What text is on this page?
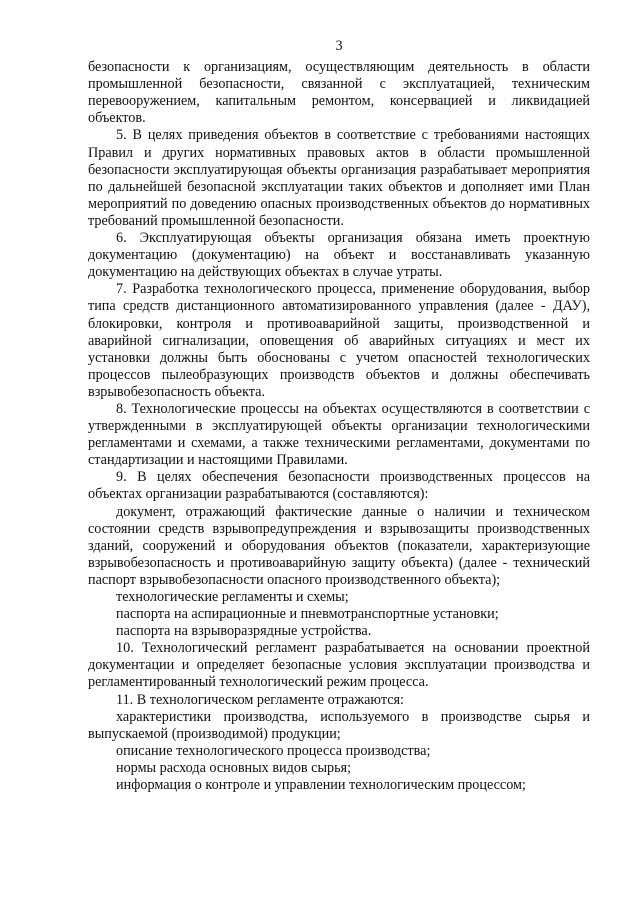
3

безопасности к организациям, осуществляющим деятельность в области промышленной безопасности, связанной с эксплуатацией, техническим перевооружением, капитальным ремонтом, консервацией и ликвидацией объектов.

5. В целях приведения объектов в соответствие с требованиями настоящих Правил и других нормативных правовых актов в области промышленной безопасности эксплуатирующая объекты организация разрабатывает мероприятия по дальнейшей безопасной эксплуатации таких объектов и дополняет ими План мероприятий по доведению опасных производственных объектов до нормативных требований промышленной безопасности.

6. Эксплуатирующая объекты организация обязана иметь проектную документацию (документацию) на объект и восстанавливать указанную документацию на действующих объектах в случае утраты.

7. Разработка технологического процесса, применение оборудования, выбор типа средств дистанционного автоматизированного управления (далее - ДАУ), блокировки, контроля и противоаварийной защиты, производственной и аварийной сигнализации, оповещения об аварийных ситуациях и мест их установки должны быть обоснованы с учетом опасностей технологических процессов пылеобразующих производств объектов и должны обеспечивать взрывобезопасность объекта.

8. Технологические процессы на объектах осуществляются в соответствии с утвержденными в эксплуатирующей объекты организации технологическими регламентами и схемами, а также техническими регламентами, документами по стандартизации и настоящими Правилами.

9. В целях обеспечения безопасности производственных процессов на объектах организации разрабатываются (составляются):

документ, отражающий фактические данные о наличии и техническом состоянии средств взрывопредупреждения и взрывозащиты производственных зданий, сооружений и оборудования объектов (показатели, характеризующие взрывобезопасность и противоаварийную защиту объекта) (далее - технический паспорт взрывобезопасности опасного производственного объекта);

технологические регламенты и схемы;

паспорта на аспирационные и пневмотранспортные установки;

паспорта на взрыворазрядные устройства.

10. Технологический регламент разрабатывается на основании проектной документации и определяет безопасные условия эксплуатации производства и регламентированный технологический режим процесса.

11. В технологическом регламенте отражаются:

характеристики производства, используемого в производстве сырья и выпускаемой (производимой) продукции;

описание технологического процесса производства;

нормы расхода основных видов сырья;

информация о контроле и управлении технологическим процессом;
